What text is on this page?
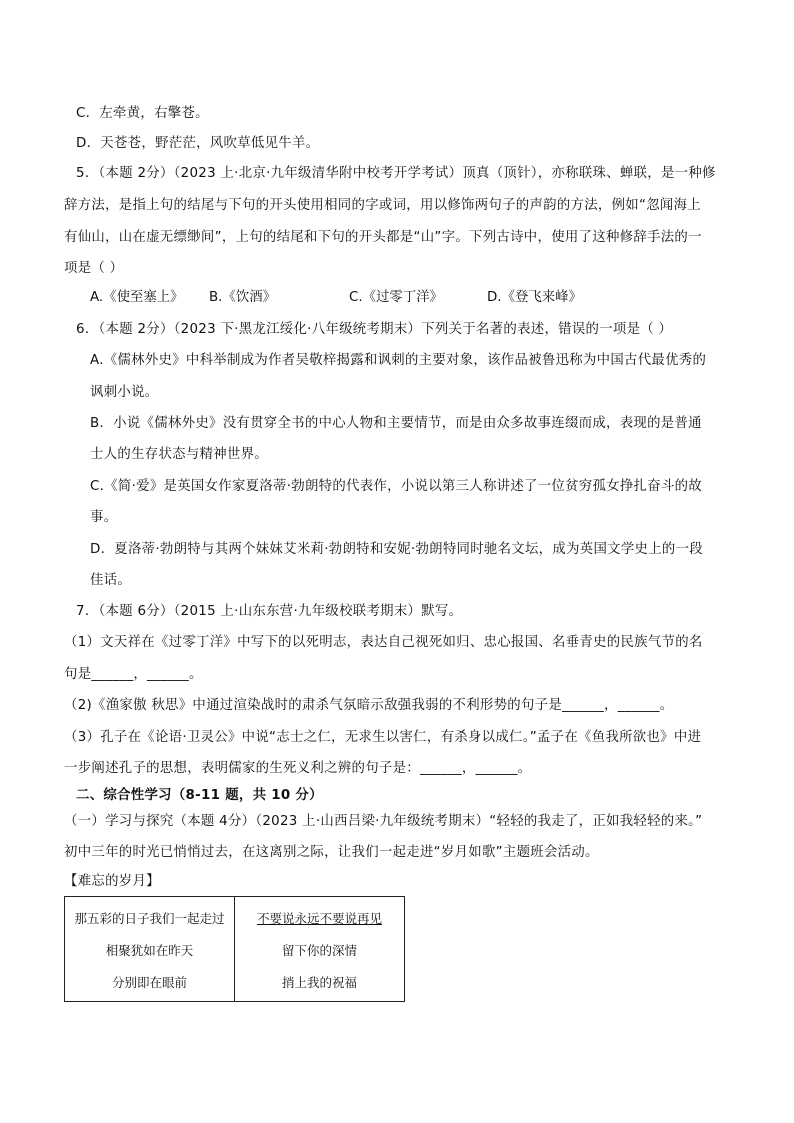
C．左牵黄，右擎苍。
D．天苍苍，野茫茫，风吹草低见牛羊。
5．（本题 2分）（2023 上·北京·九年级清华附中校考开学考试）顶真（顶针），亦称联珠、蝉联，是一种修
辞方法，是指上句的结尾与下句的开头使用相同的字或词，用以修饰两句子的声韵的方法，例如“忽闻海上
有仙山，山在虚无缥缈间”，上句的结尾和下句的开头都是“山”字。下列古诗中，使用了这种修辞手法的一
项是（ ）
A.《使至塞上》 B.《饮酒》	C.《过零丁洋》	D.《登飞来峰》
6．（本题 2分）（2023 下·黑龙江绥化·八年级统考期末）下列关于名著的表述，错误的一项是（ ）
A.《儒林外史》中科举制成为作者吴敬梓揭露和讽刺的主要对象，该作品被鲁迅称为中国古代最优秀的
讽刺小说。
B．小说《儒林外史》没有贯穿全书的中心人物和主要情节，而是由众多故事连缀而成，表现的是普通
士人的生存状态与精神世界。
C.《简·爱》是英国女作家夏洛蒂·勃朗特的代表作，小说以第三人称讲述了一位贫穷孤女挣扎奋斗的故
事。
D．夏洛蒂·勃朗特与其两个妹妹艾米莉·勃朗特和安妮·勃朗特同时驰名文坛，成为英国文学史上的一段
佳话。
7．（本题 6分）（2015 上·山东东营·九年级校联考期末）默写。
（1）文天祥在《过零丁洋》中写下的以死明志，表达自己视死如归、忠心报国、名垂青史的民族气节的名
句是______，______。
（2)《渔家傲 秋思》中通过渲染战时的肃杀气氛暗示敌强我弱的不利形势的句子是______，______。
（3）孔子在《论语·卫灵公》中说“志士之仁，无求生以害仁，有杀身以成仁。”孟子在《鱼我所欲也》中进
一步阐述孔子的思想，表明儒家的生死义利之辨的句子是：______，______。
二、综合性学习（8-11 题，共 10 分）
（一）学习与探究（本题 4分）（2023 上·山西吕梁·九年级统考期末）“轻轻的我走了，正如我轻轻的来。”
初中三年的时光已悄悄过去，在这离别之际，让我们一起走进“岁月如歌”主题班会活动。
【难忘的岁月】
那五彩的日子我们一起走过
相聚犹如在昨天
分别即在眼前

不要说永远不要说再见
留下你的深情
捎上我的祝福
